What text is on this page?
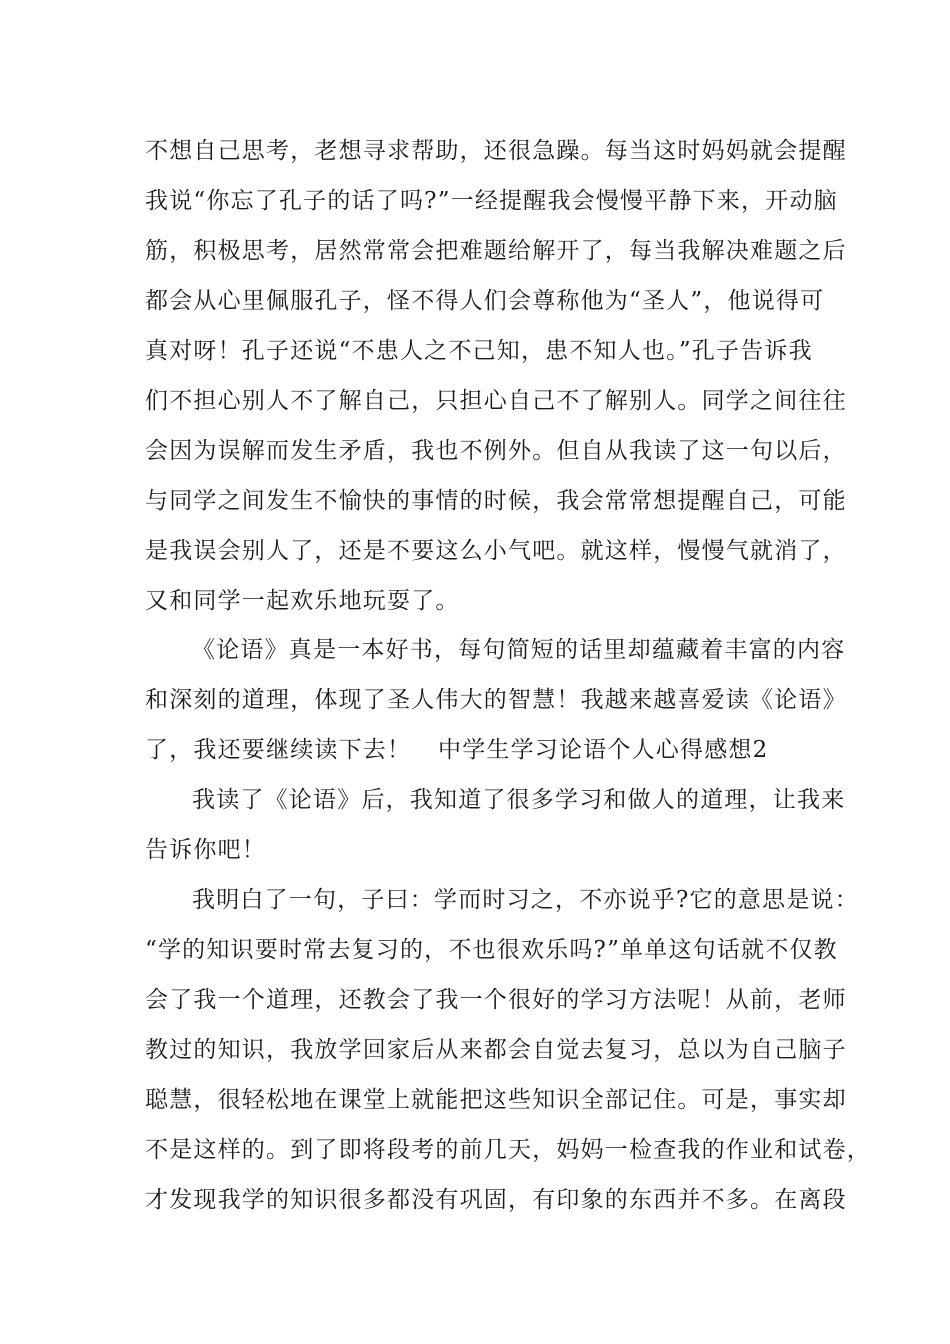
不想自己思考，老想寻求帮助，还很急躁。每当这时妈妈就会提醒
我说“你忘了孔子的话了吗?”一经提醒我会慢慢平静下来，开动脑
筋，积极思考，居然常常会把难题给解开了，每当我解决难题之后
都会从心里佩服孔子，怪不得人们会尊称他为“圣人”，他说得可
真对呀！孔子还说“不患人之不己知，患不知人也。”孔子告诉我
们不担心别人不了解自己，只担心自己不了解别人。同学之间往往
会因为误解而发生矛盾，我也不例外。但自从我读了这一句以后，
与同学之间发生不愉快的事情的时候，我会常常想提醒自己，可能
是我误会别人了，还是不要这么小气吧。就这样，慢慢气就消了，
又和同学一起欢乐地玩耍了。
《论语》真是一本好书，每句简短的话里却蕴藏着丰富的内容
和深刻的道理，体现了圣人伟大的智慧！我越来越喜爱读《论语》
了，我还要继续读下去！ 中学生学习论语个人心得感想2
我读了《论语》后，我知道了很多学习和做人的道理，让我来
告诉你吧！
我明白了一句，子曰：学而时习之，不亦说乎?它的意思是说：
“学的知识要时常去复习的，不也很欢乐吗?”单单这句话就不仅教
会了我一个道理，还教会了我一个很好的学习方法呢！从前，老师
教过的知识，我放学回家后从来都会自觉去复习，总以为自己脑子
聪慧，很轻松地在课堂上就能把这些知识全部记住。可是，事实却
不是这样的。到了即将段考的前几天，妈妈一检查我的作业和试卷，
才发现我学的知识很多都没有巩固，有印象的东西并不多。在离段
